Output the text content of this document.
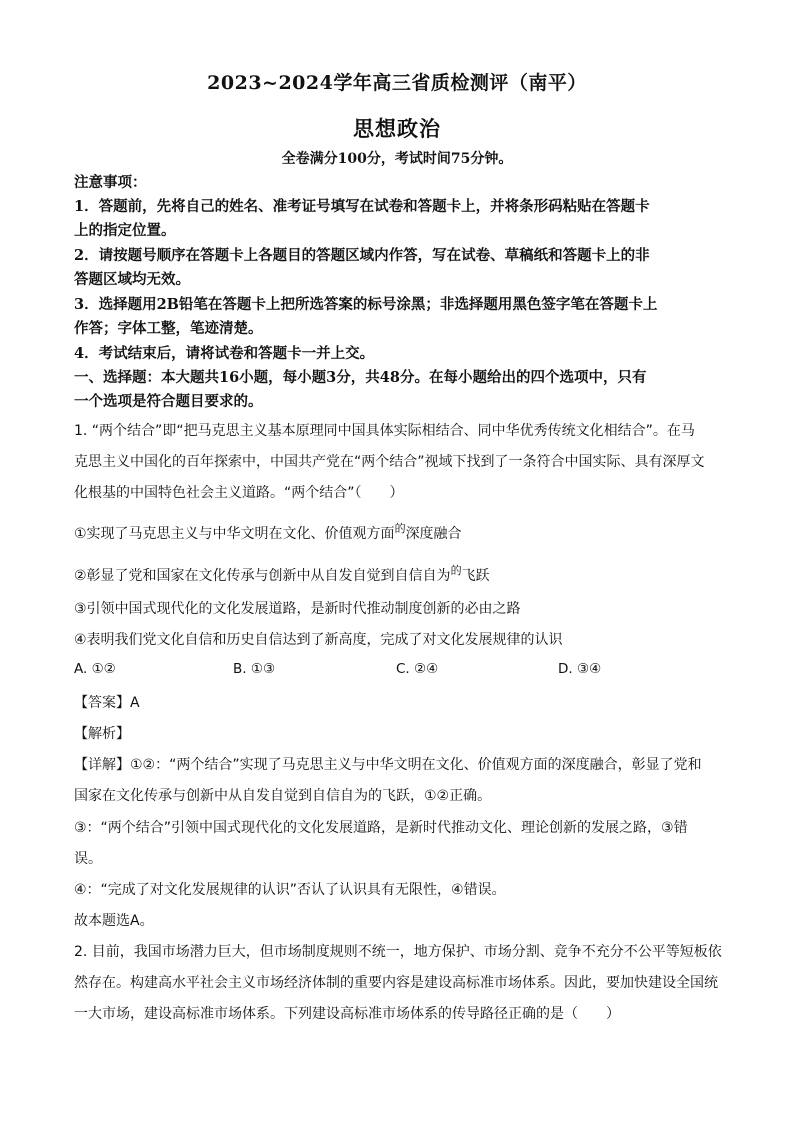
2023~2024学年高三省质检测评（南平）
思想政治
全卷满分100分，考试时间75分钟。
注意事项：
1．答题前，先将自己的姓名、准考证号填写在试卷和答题卡上，并将条形码粘贴在答题卡
上的指定位置。
2．请按题号顺序在答题卡上各题目的答题区域内作答，写在试卷、草稿纸和答题卡上的非
答题区域均无效。
3．选择题用2B铅笔在答题卡上把所选答案的标号涂黑；非选择题用黑色签字笔在答题卡上
作答；字体工整，笔迹清楚。
4．考试结束后，请将试卷和答题卡一并上交。
一、选择题：本大题共16小题，每小题3分，共48分。在每小题给出的四个选项中，只有
一个选项是符合题目要求的。
1. “两个结合”即“把马克思主义基本原理同中国具体实际相结合、同中华优秀传统文化相结合”。在马
克思主义中国化的百年探索中，中国共产党在“两个结合”视域下找到了一条符合中国实际、具有深厚文
化根基的中国特色社会主义道路。“两个结合”（　　）
①实现了马克思主义与中华文明在文化、价值观方面$^的$深度融合
②彰显了党和国家在文化传承与创新中从自发自觉到自信自为$^的$飞跃
③引领中国式现代化的文化发展道路，是新时代推动制度创新的必由之路
④表明我们党文化自信和历史自信达到了新高度，完成了对文化发展规律的认识
A. ①②	B. ①③	C. ②④	D. ③④
【答案】A
【解析】
【详解】①②：“两个结合”实现了马克思主义与中华文明在文化、价值观方面的深度融合，彰显了党和
国家在文化传承与创新中从自发自觉到自信自为的飞跃，①②正确。
③：“两个结合”引领中国式现代化的文化发展道路，是新时代推动文化、理论创新的发展之路，③错
误。
④：“完成了对文化发展规律的认识”否认了认识具有无限性，④错误。
故本题选A。
2. 目前，我国市场潜力巨大，但市场制度规则不统一，地方保护、市场分割、竞争不充分不公平等短板依
然存在。构建高水平社会主义市场经济体制的重要内容是建设高标准市场体系。因此，要加快建设全国统
一大市场，建设高标准市场体系。下列建设高标准市场体系的传导路径正确的是（　　）
